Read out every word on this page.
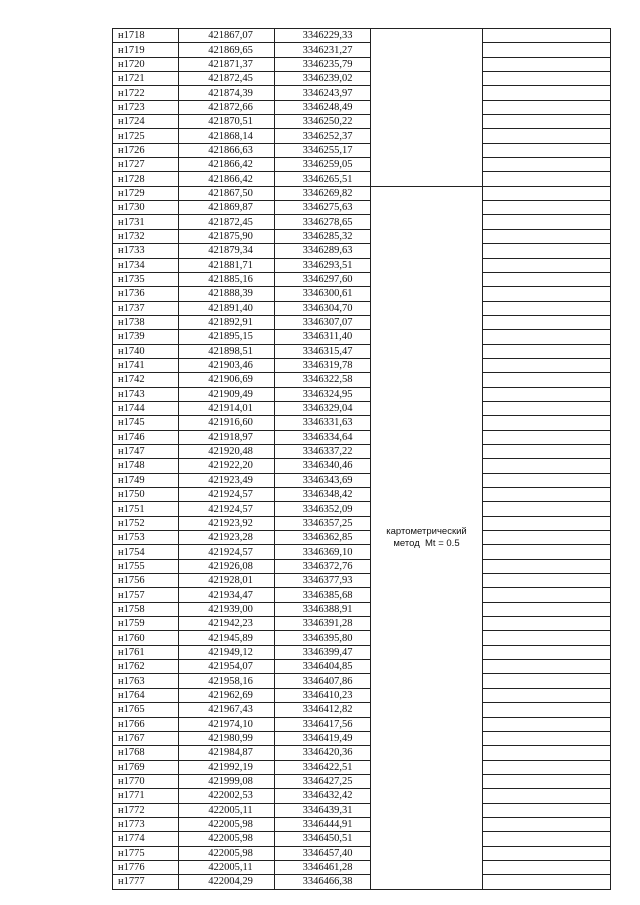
н1718	421867,07	3346229,33		
н1719	421869,65	3346231,27		
н1720	421871,37	3346235,79		
н1721	421872,45	3346239,02		
н1722	421874,39	3346243,97		
н1723	421872,66	3346248,49		
н1724	421870,51	3346250,22		
н1725	421868,14	3346252,37		
н1726	421866,63	3346255,17		
н1727	421866,42	3346259,05		
н1728	421866,42	3346265,51		
н1729	421867,50	3346269,82	картометрический
метод  Mt = 0.5	

н1730	421869,87	3346275,63		
н1731	421872,45	3346278,65		
н1732	421875,90	3346285,32		
н1733	421879,34	3346289,63		
н1734	421881,71	3346293,51		
н1735	421885,16	3346297,60		
н1736	421888,39	3346300,61		
н1737	421891,40	3346304,70		
н1738	421892,91	3346307,07		
н1739	421895,15	3346311,40		
н1740	421898,51	3346315,47		
н1741	421903,46	3346319,78		
н1742	421906,69	3346322,58		
н1743	421909,49	3346324,95		
н1744	421914,01	3346329,04		
н1745	421916,60	3346331,63		
н1746	421918,97	3346334,64		
н1747	421920,48	3346337,22		
н1748	421922,20	3346340,46		
н1749	421923,49	3346343,69		
н1750	421924,57	3346348,42		
н1751	421924,57	3346352,09		
н1752	421923,92	3346357,25		
н1753	421923,28	3346362,85		
н1754	421924,57	3346369,10		
н1755	421926,08	3346372,76		
н1756	421928,01	3346377,93		
н1757	421934,47	3346385,68		
н1758	421939,00	3346388,91		
н1759	421942,23	3346391,28		
н1760	421945,89	3346395,80		
н1761	421949,12	3346399,47		
н1762	421954,07	3346404,85		
н1763	421958,16	3346407,86		
н1764	421962,69	3346410,23		
н1765	421967,43	3346412,82		
н1766	421974,10	3346417,56		
н1767	421980,99	3346419,49		
н1768	421984,87	3346420,36		
н1769	421992,19	3346422,51		
н1770	421999,08	3346427,25		
н1771	422002,53	3346432,42		
н1772	422005,11	3346439,31		
н1773	422005,98	3346444,91		
н1774	422005,98	3346450,51		
н1775	422005,98	3346457,40		
н1776	422005,11	3346461,28		
н1777	422004,29	3346466,38		
